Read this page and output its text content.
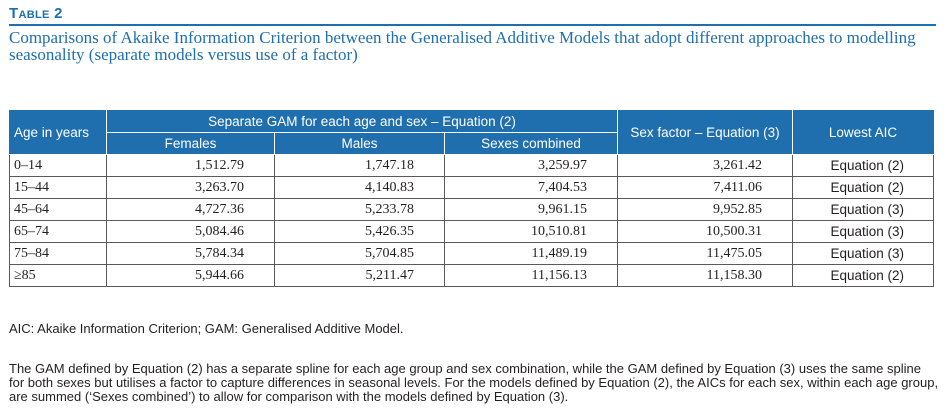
Table 2
Comparisons of Akaike Information Criterion between the Generalised Additive Models that adopt different approaches to modelling seasonality (separate models versus use of a factor)
Age in years	Separate GAM for each age and sex – Equation (2)			Sex factor – Equation (3)	Lowest AIC
	Females	Males	Sexes combined		
0–14	1,512.79	1,747.18	3,259.97	3,261.42	Equation (2)
15–44	3,263.70	4,140.83	7,404.53	7,411.06	Equation (2)
45–64	4,727.36	5,233.78	9,961.15	9,952.85	Equation (3)
65–74	5,084.46	5,426.35	10,510.81	10,500.31	Equation (3)
75–84	5,784.34	5,704.85	11,489.19	11,475.05	Equation (3)
≥85	5,944.66	5,211.47	11,156.13	11,158.30	Equation (2)
AIC: Akaike Information Criterion; GAM: Generalised Additive Model.
The GAM defined by Equation (2) has a separate spline for each age group and sex combination, while the GAM defined by Equation (3) uses the same spline for both sexes but utilises a factor to capture differences in seasonal levels. For the models defined by Equation (2), the AICs for each sex, within each age group, are summed (‘Sexes combined’) to allow for comparison with the models defined by Equation (3).
